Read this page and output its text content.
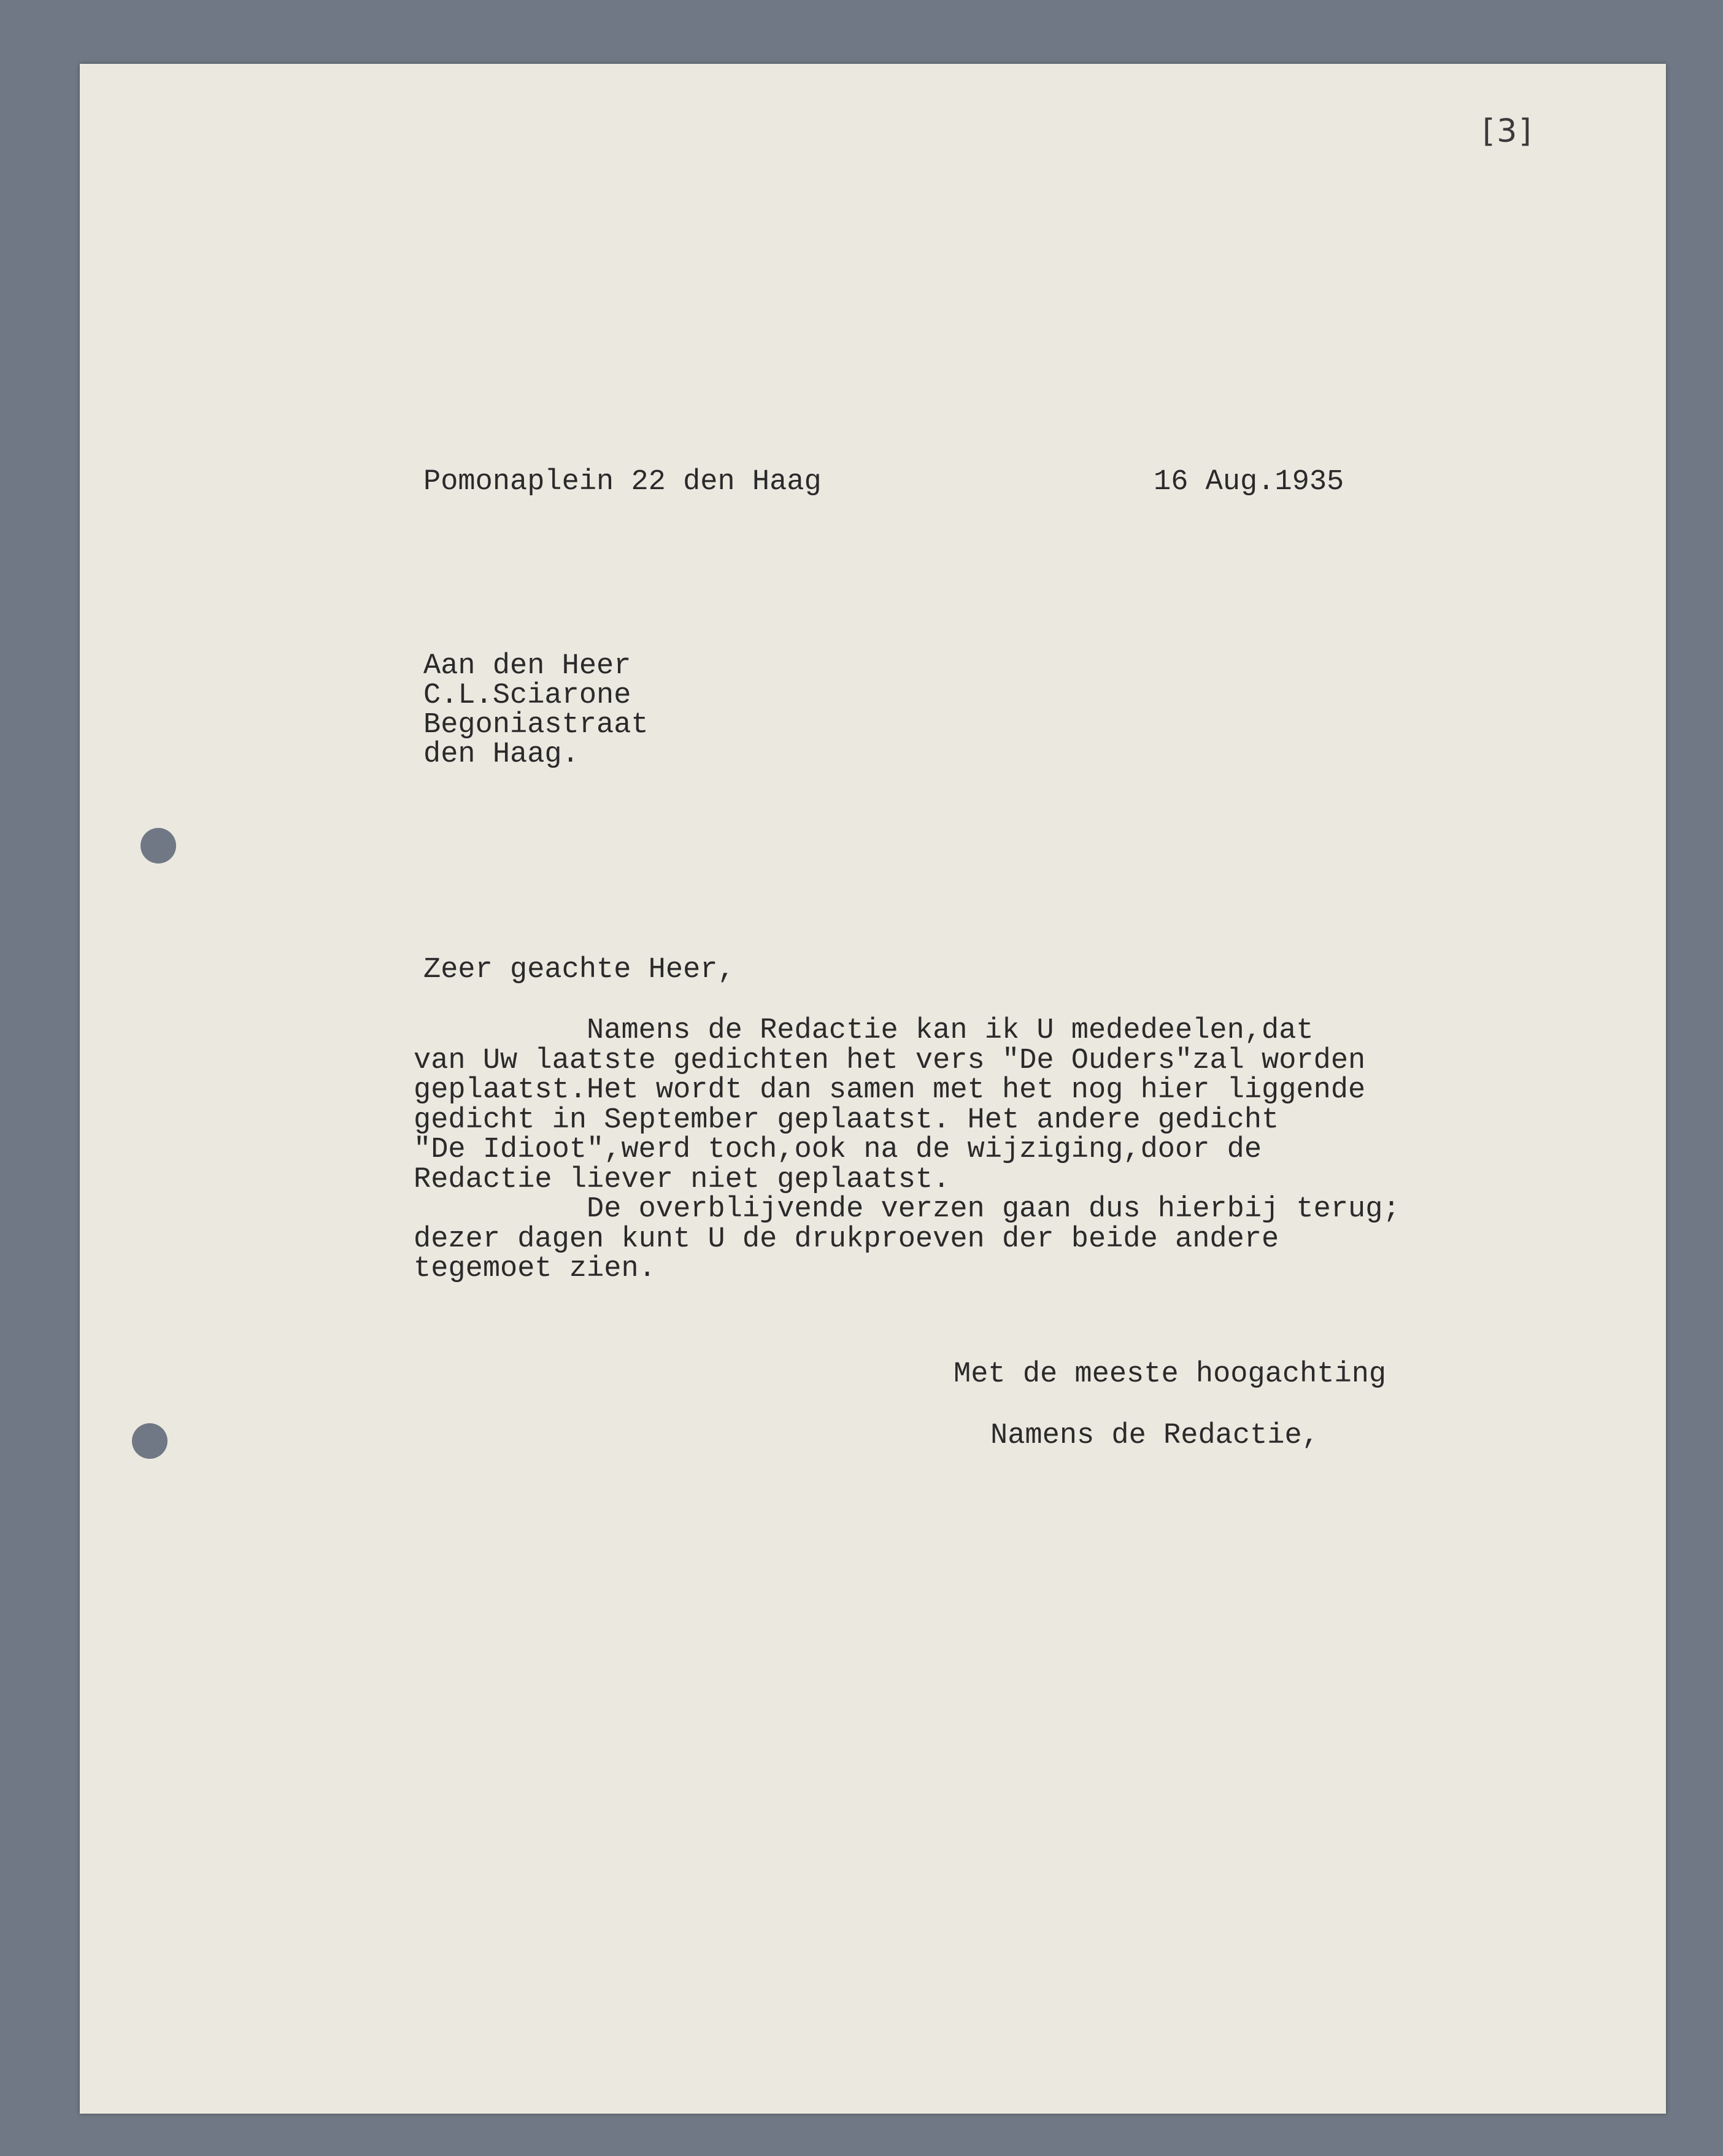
[3]

Pomonaplein 22 den Haag	16 Aug.1935

Aan den Heer
C.L.Sciarone
Begoniastraat
den Haag.

Zeer geachte Heer,

Namens de Redactie kan ik U mededeelen,dat
van Uw laatste gedichten het vers "De Ouders"zal worden
geplaatst.Het wordt dan samen met het nog hier liggende
gedicht in September geplaatst. Het andere gedicht
"De Idioot",werd toch,ook na de wijziging,door de
Redactie liever niet geplaatst.
De overblijvende verzen gaan dus hierbij terug;
dezer dagen kunt U de drukproeven der beide andere
tegemoet zien.

Met de meeste hoogachting

Namens de Redactie,
